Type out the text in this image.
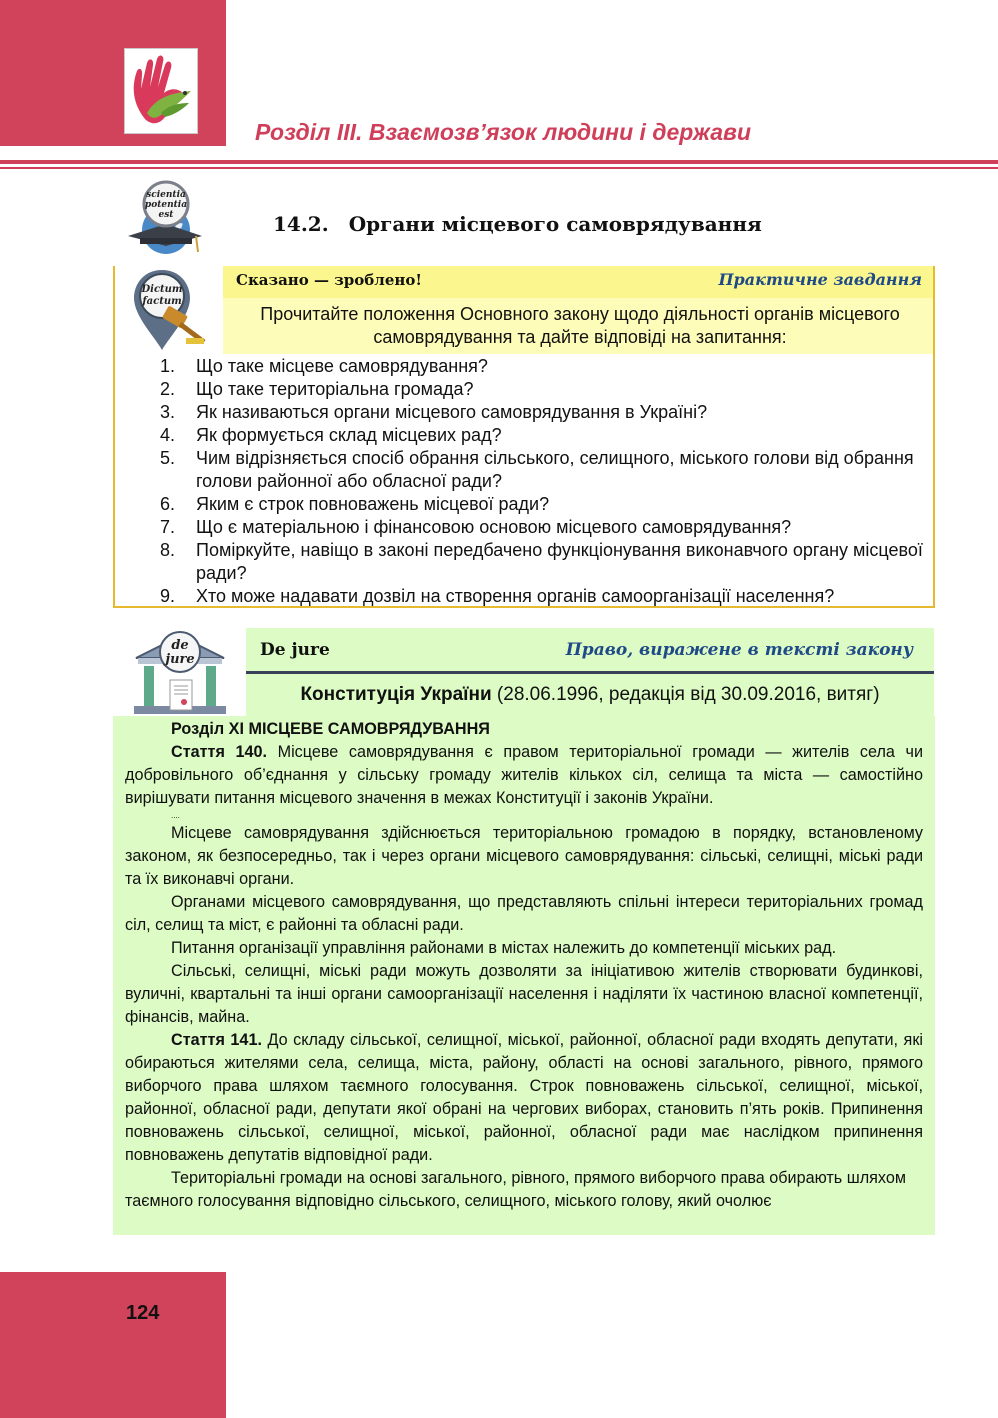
Розділ ІІІ. Взаємозв’язок людини і держави
scientia
potentia
est	14.2. Органи місцевого самоврядування
Сказано — зроблено!	Практичне завдання
Прочитайте положення Основного закону щодо діяльності органів місцевого самоврядування та дайте відповіді на запитання:
Dictum
factum
1. Що таке місцеве самоврядування?
2. Що таке територіальна громада?
3. Як називаються органи місцевого самоврядування в Україні?
4. Як формується склад місцевих рад?
5. Чим відрізняється спосіб обрання сільського, селищного, міського голови від обрання голови районної або обласної ради?
6. Яким є строк повноважень місцевої ради?
7. Що є матеріальною і фінансовою основою місцевого самоврядування?
8. Поміркуйте, навіщо в законі передбачено функціонування виконавчого органу місцевої ради?
9. Хто може надавати дозвіл на створення органів самоорганізації населення?
De jure	Право, виражене в тексті закону
Конституція України (28.06.1996, редакція від 30.09.2016, витяг)
de
jure

Розділ XI МІСЦЕВЕ САМОВРЯДУВАННЯ

Стаття 140. Місцеве самоврядування є правом територіальної громади — жителів села чи добровільного об’єднання у сільську громаду жителів кількох сіл, селища та міста — самостійно вирішувати питання місцевого значення в межах Конституції і законів України.

....

Місцеве самоврядування здійснюється територіальною громадою в порядку, встановленому законом, як безпосередньо, так і через органи місцевого самоврядування: сільські, селищні, міські ради та їх виконавчі органи.

Органами місцевого самоврядування, що представляють спільні інтереси територіальних громад сіл, селищ та міст, є районні та обласні ради.

Питання організації управління районами в містах належить до компетенції міських рад.

Сільські, селищні, міські ради можуть дозволяти за ініціативою жителів створювати будинкові, вуличні, квартальні та інші органи самоорганізації населення і наділяти їх частиною власної компетенції, фінансів, майна.

Стаття 141. До складу сільської, селищної, міської, районної, обласної ради входять депутати, які обираються жителями села, селища, міста, району, області на основі загального, рівного, прямого виборчого права шляхом таємного голосування. Строк повноважень сільської, селищної, міської, районної, обласної ради, депутати якої обрані на чергових виборах, становить п’ять років. Припинення повноважень сільської, селищної, міської, районної, обласної ради має наслідком припинення повноважень депутатів відповідної ради.

Територіальні громади на основі загального, рівного, прямого виборчого права обирають шляхом таємного голосування відповідно сільського, селищного, міського голову, який очолює

124
